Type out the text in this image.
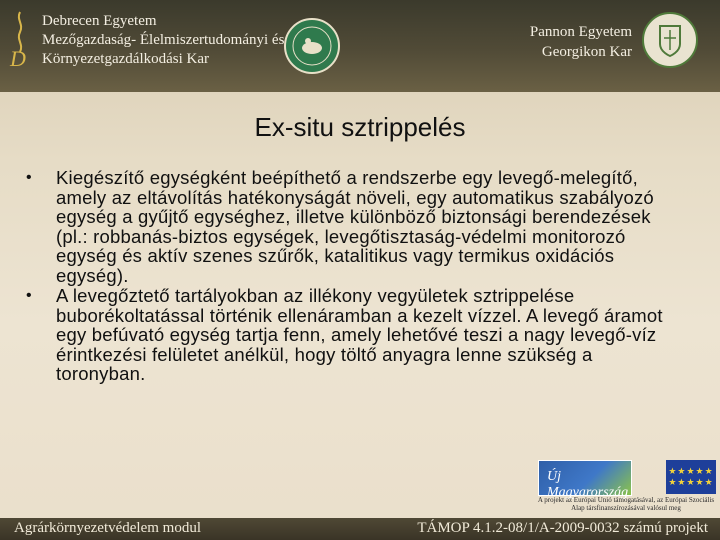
D
Debrecen Egyetem
Mezőgazdaság- Élelmiszertudományi és
Környezetgazdálkodási Kar
Pannon Egyetem
Georgikon Kar
Ex-situ sztrippelés
• Kiegészítő egységként beépíthető a rendszerbe egy levegő-melegítő, amely az eltávolítás hatékonyságát növeli, egy automatikus szabályozó egység a gyűjtő egységhez, illetve különböző biztonsági berendezések (pl.: robbanás-biztos egységek, levegőtisztaság-védelmi monitorozó egység és aktív szenes szűrők, katalitikus vagy termikus oxidációs egység).
• A levegőztető tartályokban az illékony vegyületek sztrippelése buborékoltatással történik ellenáramban a kezelt vízzel. A levegő áramot egy befúvató egység tartja fenn, amely lehetővé teszi a nagy levegő-víz érintkezési felületet anélkül, hogy töltő anyagra lenne szükség a toronyban.
Új Magyarország
★★★★★
★★★★★
A projekt az Európai Unió támogatásával, az Európai Szociális Alap társfinanszírozásával valósul meg
Agrárkörnyezetvédelem modul	TÁMOP 4.1.2-08/1/A-2009-0032 számú projekt
